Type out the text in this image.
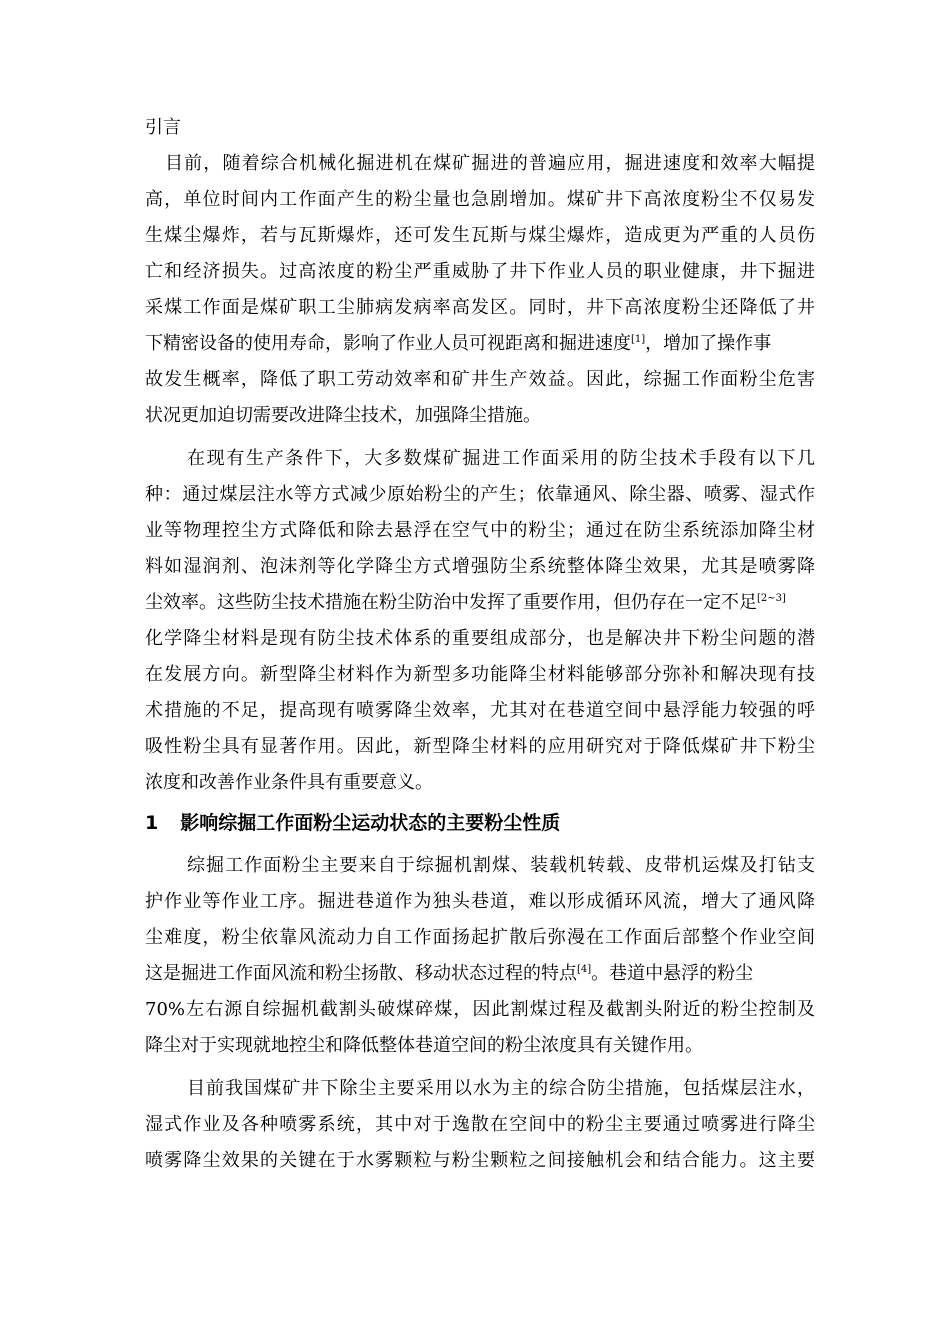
引言
目前，随着综合机械化掘进机在煤矿掘进的普遍应用，掘进速度和效率大幅提
高，单位时间内工作面产生的粉尘量也急剧增加。煤矿井下高浓度粉尘不仅易发
生煤尘爆炸，若与瓦斯爆炸，还可发生瓦斯与煤尘爆炸，造成更为严重的人员伤
亡和经济损失。过高浓度的粉尘严重威胁了井下作业人员的职业健康，井下掘进
采煤工作面是煤矿职工尘肺病发病率高发区。同时，井下高浓度粉尘还降低了井
下精密设备的使用寿命，影响了作业人员可视距离和掘进速度[1]，增加了操作事
故发生概率，降低了职工劳动效率和矿井生产效益。因此，综掘工作面粉尘危害
状况更加迫切需要改进降尘技术，加强降尘措施。
在现有生产条件下，大多数煤矿掘进工作面采用的防尘技术手段有以下几
种：通过煤层注水等方式减少原始粉尘的产生；依靠通风、除尘器、喷雾、湿式作
业等物理控尘方式降低和除去悬浮在空气中的粉尘；通过在防尘系统添加降尘材
料如湿润剂、泡沫剂等化学降尘方式增强防尘系统整体降尘效果，尤其是喷雾降
尘效率。这些防尘技术措施在粉尘防治中发挥了重要作用，但仍存在一定不足[2~3]
化学降尘材料是现有防尘技术体系的重要组成部分，也是解决井下粉尘问题的潜
在发展方向。新型降尘材料作为新型多功能降尘材料能够部分弥补和解决现有技
术措施的不足，提高现有喷雾降尘效率，尤其对在巷道空间中悬浮能力较强的呼
吸性粉尘具有显著作用。因此，新型降尘材料的应用研究对于降低煤矿井下粉尘
浓度和改善作业条件具有重要意义。
1 影响综掘工作面粉尘运动状态的主要粉尘性质
综掘工作面粉尘主要来自于综掘机割煤、装载机转载、皮带机运煤及打钻支
护作业等作业工序。掘进巷道作为独头巷道，难以形成循环风流，增大了通风降
尘难度，粉尘依靠风流动力自工作面扬起扩散后弥漫在工作面后部整个作业空间
这是掘进工作面风流和粉尘扬散、移动状态过程的特点[4]。巷道中悬浮的粉尘
70%左右源自综掘机截割头破煤碎煤，因此割煤过程及截割头附近的粉尘控制及
降尘对于实现就地控尘和降低整体巷道空间的粉尘浓度具有关键作用。
目前我国煤矿井下除尘主要采用以水为主的综合防尘措施，包括煤层注水，
湿式作业及各种喷雾系统，其中对于逸散在空间中的粉尘主要通过喷雾进行降尘
喷雾降尘效果的关键在于水雾颗粒与粉尘颗粒之间接触机会和结合能力。这主要
